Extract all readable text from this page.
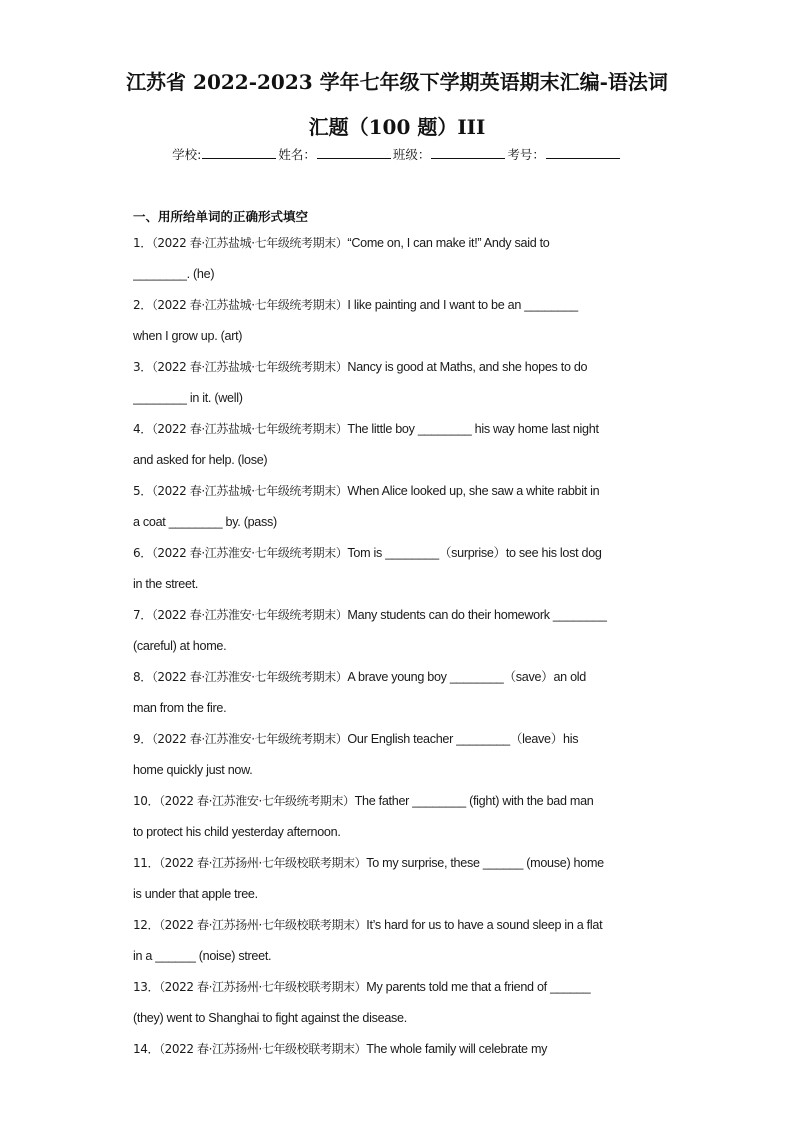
江苏省 2022-2023 学年七年级下学期英语期末汇编-语法词
汇题（100 题）III
学校:	姓名：	班级：	考号：
一、用所给单词的正确形式填空
1．（2022 春·江苏盐城·七年级统考期末）“Come on, I can make it!” Andy said to
________. (he)
2．（2022 春·江苏盐城·七年级统考期末）I like painting and I want to be an ________
when I grow up. (art)
3．（2022 春·江苏盐城·七年级统考期末）Nancy is good at Maths, and she hopes to do
________ in it. (well)
4．（2022 春·江苏盐城·七年级统考期末）The little boy ________ his way home last night
and asked for help. (lose)
5．（2022 春·江苏盐城·七年级统考期末）When Alice looked up, she saw a white rabbit in
a coat ________ by. (pass)
6．（2022 春·江苏淮安·七年级统考期末）Tom is ________（surprise）to see his lost dog
in the street.
7．（2022 春·江苏淮安·七年级统考期末）Many students can do their homework ________
(careful) at home.
8．（2022 春·江苏淮安·七年级统考期末）A brave young boy ________（save）an old
man from the fire.
9．（2022 春·江苏淮安·七年级统考期末）Our English teacher ________（leave）his
home quickly just now.
10．（2022 春·江苏淮安·七年级统考期末）The father ________ (fight) with the bad man
to protect his child yesterday afternoon.
11．（2022 春·江苏扬州·七年级校联考期末）To my surprise, these ______ (mouse) home
is under that apple tree.
12．（2022 春·江苏扬州·七年级校联考期末）It’s hard for us to have a sound sleep in a flat
in a ______ (noise) street.
13．（2022 春·江苏扬州·七年级校联考期末）My parents told me that a friend of ______
(they) went to Shanghai to fight against the disease.
14．（2022 春·江苏扬州·七年级校联考期末）The whole family will celebrate my
